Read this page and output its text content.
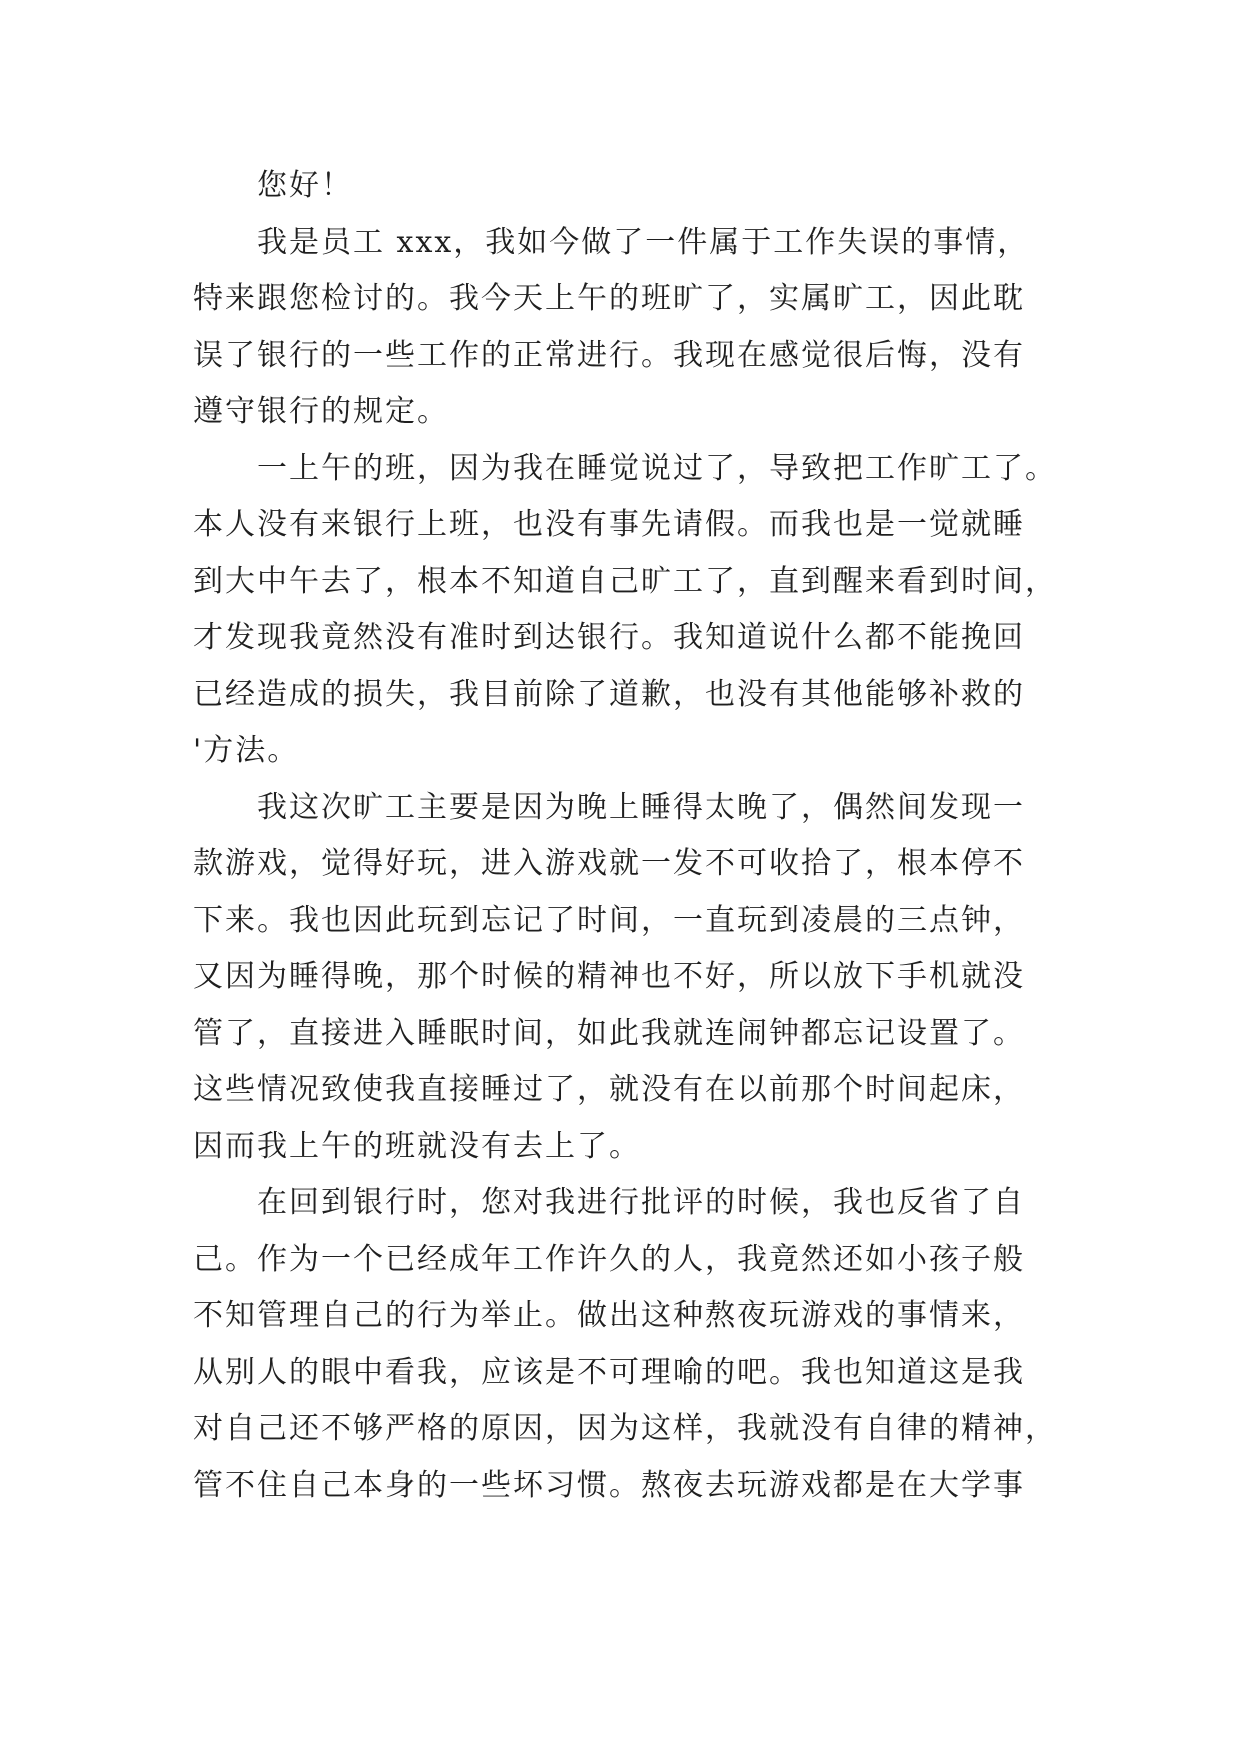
您好！
我是员工 xxx，我如今做了一件属于工作失误的事情，
特来跟您检讨的。我今天上午的班旷了，实属旷工，因此耽
误了银行的一些工作的正常进行。我现在感觉很后悔，没有
遵守银行的规定。
一上午的班，因为我在睡觉说过了，导致把工作旷工了。
本人没有来银行上班，也没有事先请假。而我也是一觉就睡
到大中午去了，根本不知道自己旷工了，直到醒来看到时间，
才发现我竟然没有准时到达银行。我知道说什么都不能挽回
已经造成的损失，我目前除了道歉，也没有其他能够补救的
'方法。
我这次旷工主要是因为晚上睡得太晚了，偶然间发现一
款游戏，觉得好玩，进入游戏就一发不可收拾了，根本停不
下来。我也因此玩到忘记了时间，一直玩到凌晨的三点钟，
又因为睡得晚，那个时候的精神也不好，所以放下手机就没
管了，直接进入睡眠时间，如此我就连闹钟都忘记设置了。
这些情况致使我直接睡过了，就没有在以前那个时间起床，
因而我上午的班就没有去上了。
在回到银行时，您对我进行批评的时候，我也反省了自
己。作为一个已经成年工作许久的人，我竟然还如小孩子般
不知管理自己的行为举止。做出这种熬夜玩游戏的事情来，
从别人的眼中看我，应该是不可理喻的吧。我也知道这是我
对自己还不够严格的原因，因为这样，我就没有自律的精神，
管不住自己本身的一些坏习惯。熬夜去玩游戏都是在大学事
